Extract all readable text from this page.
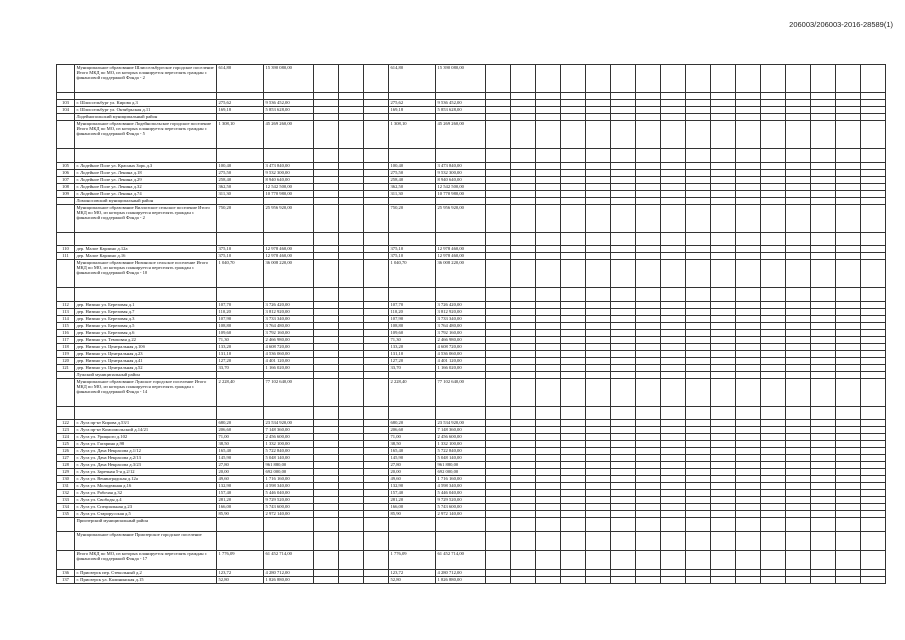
206003/206003-2016-28589(1)
	Муниципальное образование Шлиссельбургское городское поселение Итого МКД по МО, из которых планируется переселять граждан с финансовой поддержкой Фонда - 2	614,80	15 390 080,00				614,80	15 390 080,00																

103	г. Шлиссельбург ул. Кирова д.3	275,62	9 536 452,00				275,62	9 536 452,00																
104	г. Шлиссельбург ул. Октябрьская д.11	169,18	5 853 628,00				169,18	5 853 628,00																
	Лодейнопольский муниципальный район																							
	Муниципальное образование Лодейнопольское городское поселение Итого МКД по МО, из которых планируется переселять граждан с финансовой поддержкой Фонда - 5	1 308,10	45 269 260,00				1 308,10	45 269 260,00																

105	г. Лодейное Поле ул. Красных Зорь д.3	100,40	3 473 840,00				100,40	3 473 840,00																
106	г. Лодейное Поле ул. Ленина д.18	275,50	9 532 300,00				275,50	9 532 300,00																
107	г. Лодейное Поле ул. Ленина д.29	258,40	8 940 640,00				258,40	8 940 640,00																
108	г. Лодейное Поле ул. Ленина д.32	362,50	12 542 500,00				362,50	12 542 500,00																
109	г. Лодейное Поле ул. Ленина д.74	311,30	10 770 980,00				311,30	10 770 980,00																
	Ломоносовский муниципальный район																							
	Муниципальное образование Виллозское сельское поселение Итого МКД по МО, из которых планируется переселять граждан с финансовой поддержкой Фонда - 2	750,20	25 956 920,00				750,20	25 956 920,00																

110	дер. Малое Карлино д.12а	375,10	12 978 460,00				375,10	12 978 460,00																
111	дер. Малое Карлино д.16	375,10	12 978 460,00				375,10	12 978 460,00																
	Муниципальное образование Низинское сельское поселение Итого МКД по МО, из которых планируется переселять граждан с финансовой поддержкой Фонда - 10	1 040,70	36 008 220,00				1 040,70	36 008 220,00																

112	дер. Низино ул. Березовая д.1	107,70	3 726 420,00				107,70	3 726 420,00																
113	дер. Низино ул. Березовая д.7	110,20	3 812 920,00				110,20	3 812 920,00																
114	дер. Низино ул. Березовая д.3	107,90	3 733 340,00				107,90	3 733 340,00																
115	дер. Низино ул. Березовая д.5	108,80	3 764 480,00				108,80	3 764 480,00																
116	дер. Низино ул. Березовая д.6	109,60	3 792 160,00				109,60	3 792 160,00																
117	дер. Низино ул. Темповая д.22	71,30	2 466 980,00				71,30	2 466 980,00																
118	дер. Низино ул. Центральная д.10б	133,20	4 608 720,00				133,20	4 608 720,00																
119	дер. Низино ул. Центральная д.23	131,10	4 536 060,00				131,10	4 536 060,00																
120	дер. Низино ул. Центральная д.41	127,20	4 401 120,00				127,20	4 401 120,00																
121	дер. Низино ул. Центральная д.52	33,70	1 166 020,00				33,70	1 166 020,00																
	Лужский муниципальный район																							
	Муниципальное образование Лужское городское поселение Итого МКД по МО, из которых планируется переселять граждан с финансовой поддержкой Фонда - 14	2 228,40	77 102 640,00				2 228,40	77 102 640,00																

122	г. Луга пр-кт Кирова д.53/1	680,20	23 534 920,00				680,20	23 534 920,00																
123	г. Луга пр-кт Комсомольский д.14/21	206,60	7 148 360,00				206,60	7 148 360,00																
124	г. Луга ул. Урицкого д.102	71,00	2 456 600,00				71,00	2 456 600,00																
125	г. Луга ул. Гагарина д.98	38,50	1 332 100,00				38,50	1 332 100,00																
126	г. Луга ул. Дача Некрасова д.1/12	165,40	5 722 840,00				165,40	5 722 840,00																
127	г. Луга ул. Дача Некрасова д.2/13	145,90	5 048 140,00				145,90	5 048 140,00																
128	г. Луга ул. Дача Некрасова д.3/23	27,80	961 880,00				27,80	961 880,00																
129	г. Луга ул. Заречная 5-я д.2/12	20,00	692 000,00				20,00	692 000,00																
130	г. Луга ул. Венинградская д.12а	49,60	1 716 160,00				49,60	1 716 160,00																
131	г. Луга ул. Молодежная д.16	132,90	4 598 340,00				132,90	4 598 340,00																
132	г. Луга ул. Рабочая д.32	157,40	5 446 040,00				157,40	5 446 040,00																
133	г. Луга ул. Свободы д.4	281,20	9 729 520,00				281,20	9 729 520,00																
134	г. Луга ул. Специальная д.23	166,00	5 743 600,00				166,00	5 743 600,00																
135	г. Луга ул. Старорусская д.5	85,90	2 972 140,00				85,90	2 972 140,00																
	Приозерский муниципальный район																							
	Муниципальное образование Приозерское городское поселение																							
	Итого МКД по МО, из которых планируется переселять граждан с финансовой поддержкой Фонда - 17	1 776,09	61 452 714,00				1 776,09	61 452 714,00																
136	г. Приозерск пер. Стекольный д.2	123,72	4 280 712,00				123,72	4 280 712,00																
137	г. Приозерск ул. Калининская д.15	52,80	1 826 880,00				52,80	1 826 880,00																
